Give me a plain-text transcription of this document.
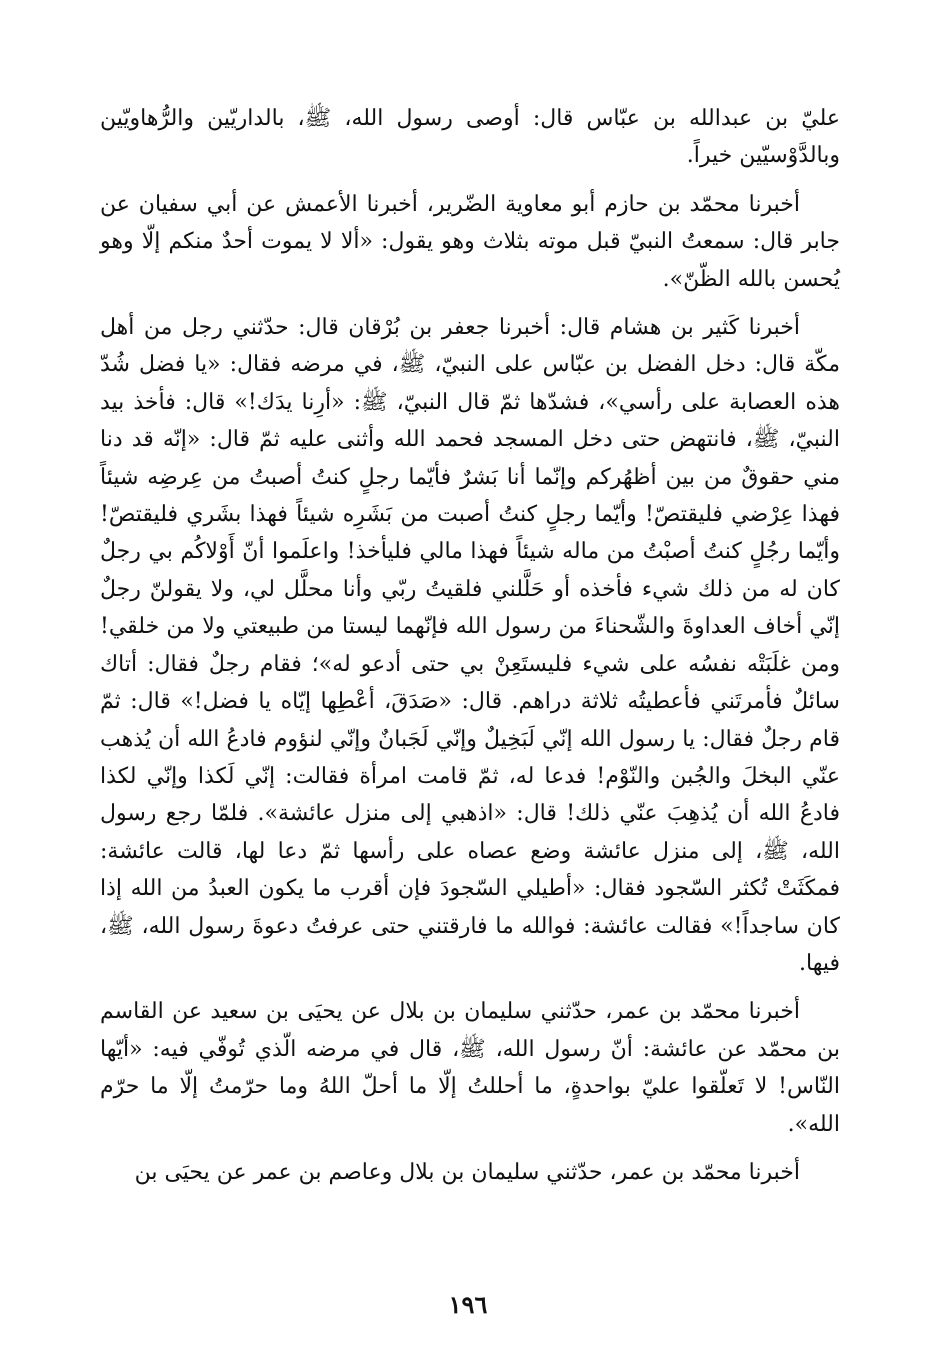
عليّ بن عبدالله بن عبّاس قال: أوصى رسول الله، ﷺ، بالداريّين والرُّهاويّين وبالدَّوْسيّين خيراً.

أخبرنا محمّد بن حازم أبو معاوية الضّرير، أخبرنا الأعمش عن أبي سفيان عن جابر قال: سمعتُ النبيّ قبل موته بثلاث وهو يقول: «ألا لا يموت أحدٌ منكم إلّا وهو يُحسن بالله الظّنّ».

أخبرنا كَثير بن هشام قال: أخبرنا جعفر بن بُرْقان قال: حدّثني رجل من أهل مكّة قال: دخل الفضل بن عبّاس على النبيّ، ﷺ، في مرضه فقال: «يا فضل شُدّ هذه العصابة على رأسي»، فشدّها ثمّ قال النبيّ، ﷺ: «أرِنا يدَك!» قال: فأخذ بيد النبيّ، ﷺ، فانتهض حتى دخل المسجد فحمد الله وأثنى عليه ثمّ قال: «إنّه قد دنا مني حقوقٌ من بين أظهُركم وإنّما أنا بَشرٌ فأيّما رجلٍ كنتُ أصبتُ من عِرضِه شيئاً فهذا عِرْضي فليقتصّ! وأيّما رجلٍ كنتُ أصبت من بَشَرِه شيئاً فهذا بشَري فليقتصّ! وأيّما رجُلٍ كنتُ أصبْتُ من ماله شيئاً فهذا مالي فليأخذ! واعلَموا أنّ أَوْلاكُم بي رجلٌ كان له من ذلك شيء فأخذه أو حَلَّلني فلقيتُ ربّي وأنا محلَّل لي، ولا يقولنّ رجلٌ إنّي أخاف العداوةَ والشّحناءَ من رسول الله فإنّهما ليستا من طبيعتي ولا من خلقي! ومن غلَبَتْه نفسُه على شيء فليستَعِنْ بي حتى أدعو له»؛ فقام رجلٌ فقال: أتاك سائلٌ فأمرتَني فأعطيتُه ثلاثة دراهم. قال: «صَدَقَ، أعْطِها إيّاه يا فضل!» قال: ثمّ قام رجلٌ فقال: يا رسول الله إنّي لَبَخِيلٌ وإنّي لَجَبانٌ وإنّي لنؤوم فادعُ الله أن يُذهب عنّي البخلَ والجُبن والنّوْم! فدعا له، ثمّ قامت امرأة فقالت: إنّي لَكذا وإنّي لكذا فادعُ الله أن يُذهِبَ عنّي ذلك! قال: «اذهبي إلى منزل عائشة». فلمّا رجع رسول الله، ﷺ، إلى منزل عائشة وضع عصاه على رأسها ثمّ دعا لها، قالت عائشة: فمكَثَتْ تُكثر السّجود فقال: «أطيلي السّجودَ فإن أقرب ما يكون العبدُ من الله إذا كان ساجداً!» فقالت عائشة: فوالله ما فارقتني حتى عرفتُ دعوةَ رسول الله، ﷺ، فيها.

أخبرنا محمّد بن عمر، حدّثني سليمان بن بلال عن يحيَى بن سعيد عن القاسم بن محمّد عن عائشة: أنّ رسول الله، ﷺ، قال في مرضه الّذي تُوفّي فيه: «أيّها النّاس! لا تَعلّقوا عليّ بواحدةٍ، ما أحللتُ إلّا ما أحلّ اللهُ وما حرّمتُ إلّا ما حرّم الله».

أخبرنا محمّد بن عمر، حدّثني سليمان بن بلال وعاصم بن عمر عن يحيَى بن

١٩٦
